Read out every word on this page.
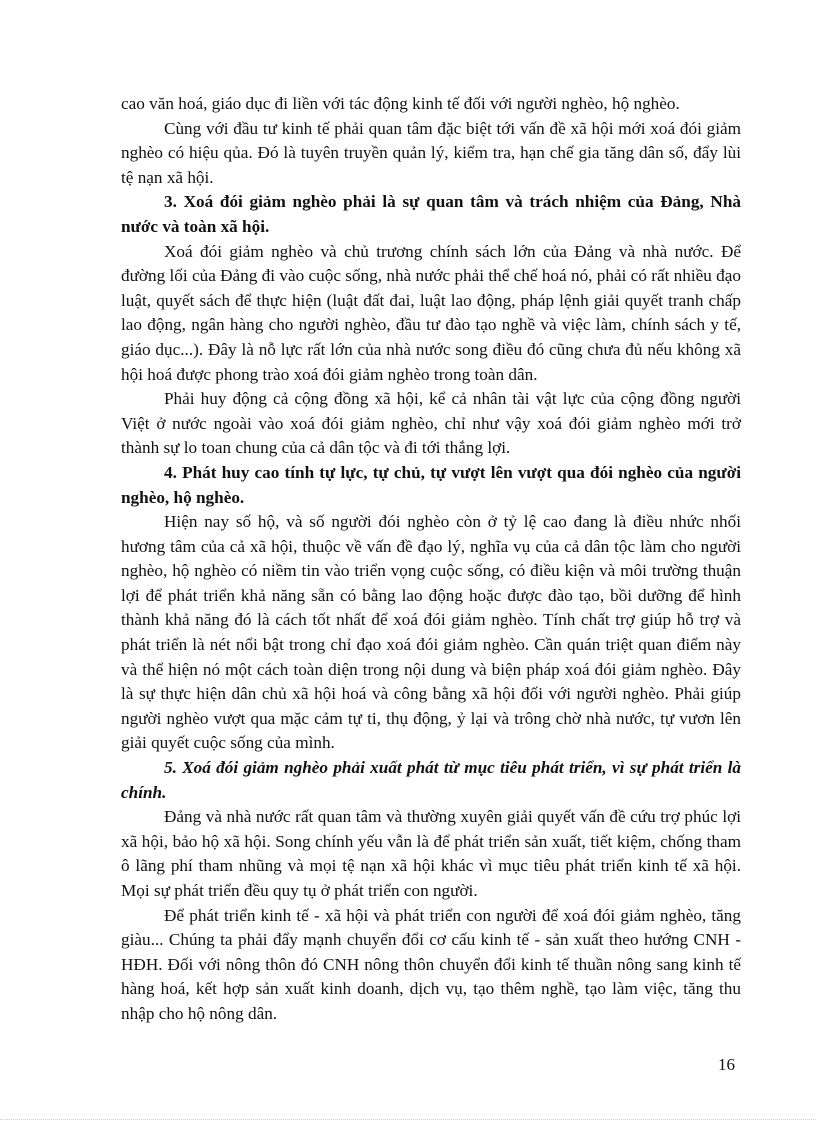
cao văn hoá, giáo dục đi liền với tác động kinh tế đối với người nghèo, hộ nghèo.

Cùng với đầu tư kinh tế phải quan tâm đặc biệt tới vấn đề xã hội mới xoá đói giảm nghèo có hiệu qủa. Đó là tuyên truyền quản lý, kiểm tra, hạn chế gia tăng dân số, đẩy lùi tệ nạn xã hội.

3. Xoá đói giảm nghèo phải là sự quan tâm và trách nhiệm của Đảng, Nhà nước và toàn xã hội.

Xoá đói giảm nghèo và chủ trương chính sách lớn của Đảng và nhà nước. Để đường lối của Đảng đi vào cuộc sống, nhà nước phải thể chế hoá nó, phải có rất nhiều đạo luật, quyết sách để thực hiện (luật đất đai, luật lao động, pháp lệnh giải quyết tranh chấp lao động, ngân hàng cho người nghèo, đầu tư đào tạo nghề và việc làm, chính sách y tế, giáo dục...). Đây là nỗ lực rất lớn của nhà nước song điều đó cũng chưa đủ nếu không xã hội hoá được phong trào xoá đói giảm nghèo trong toàn dân.

Phải huy động cả cộng đồng xã hội, kể cả nhân tài vật lực của cộng đồng người Việt ở nước ngoài vào xoá đói giảm nghèo, chỉ như vậy xoá đói giảm nghèo mới trở thành sự lo toan chung của cả dân tộc và đi tới thắng lợi.

4. Phát huy cao tính tự lực, tự chủ, tự vượt lên vượt qua đói nghèo của người nghèo, hộ nghèo.

Hiện nay số hộ, và số người đói nghèo còn ở tỷ lệ cao đang là điều nhức nhối hương tâm của cả xã hội, thuộc về vấn đề đạo lý, nghĩa vụ của cả dân tộc làm cho người nghèo, hộ nghèo có niềm tin vào triển vọng cuộc sống, có điều kiện và môi trường thuận lợi để phát triển khả năng sẵn có bằng lao động hoặc được đào tạo, bồi dưỡng để hình thành khả năng đó là cách tốt nhất để xoá đói giảm nghèo. Tính chất trợ giúp hỗ trợ và phát triển là nét nổi bật trong chỉ đạo xoá đói giảm nghèo. Cần quán triệt quan điểm này và thể hiện nó một cách toàn diện trong nội dung và biện pháp xoá đói giảm nghèo. Đây là sự thực hiện dân chủ xã hội hoá và công bằng xã hội đối với người nghèo. Phải giúp người nghèo vượt qua mặc cảm tự ti, thụ động, ỷ lại và trông chờ nhà nước, tự vươn lên giải quyết cuộc sống của mình.

5. Xoá đói giảm nghèo phải xuất phát từ mục tiêu phát triển, vì sự phát triển là chính.

Đảng và nhà nước rất quan tâm và thường xuyên giải quyết vấn đề cứu trợ phúc lợi xã hội, bảo hộ xã hội. Song chính yếu vẫn là để phát triển sản xuất, tiết kiệm, chống tham ô lãng phí tham nhũng và mọi tệ nạn xã hội khác vì mục tiêu phát triển kinh tế xã hội. Mọi sự phát triển đều quy tụ ở phát triển con người.

Để phát triển kinh tế - xã hội và phát triển con người để xoá đói giảm nghèo, tăng giàu... Chúng ta phải đẩy mạnh chuyển đổi cơ cấu kinh tế - sản xuất theo hướng CNH - HĐH. Đối với nông thôn đó CNH nông thôn chuyển đổi kinh tế thuần nông sang kinh tế hàng hoá, kết hợp sản xuất kinh doanh, dịch vụ, tạo thêm nghề, tạo làm việc, tăng thu nhập cho hộ nông dân.

16
